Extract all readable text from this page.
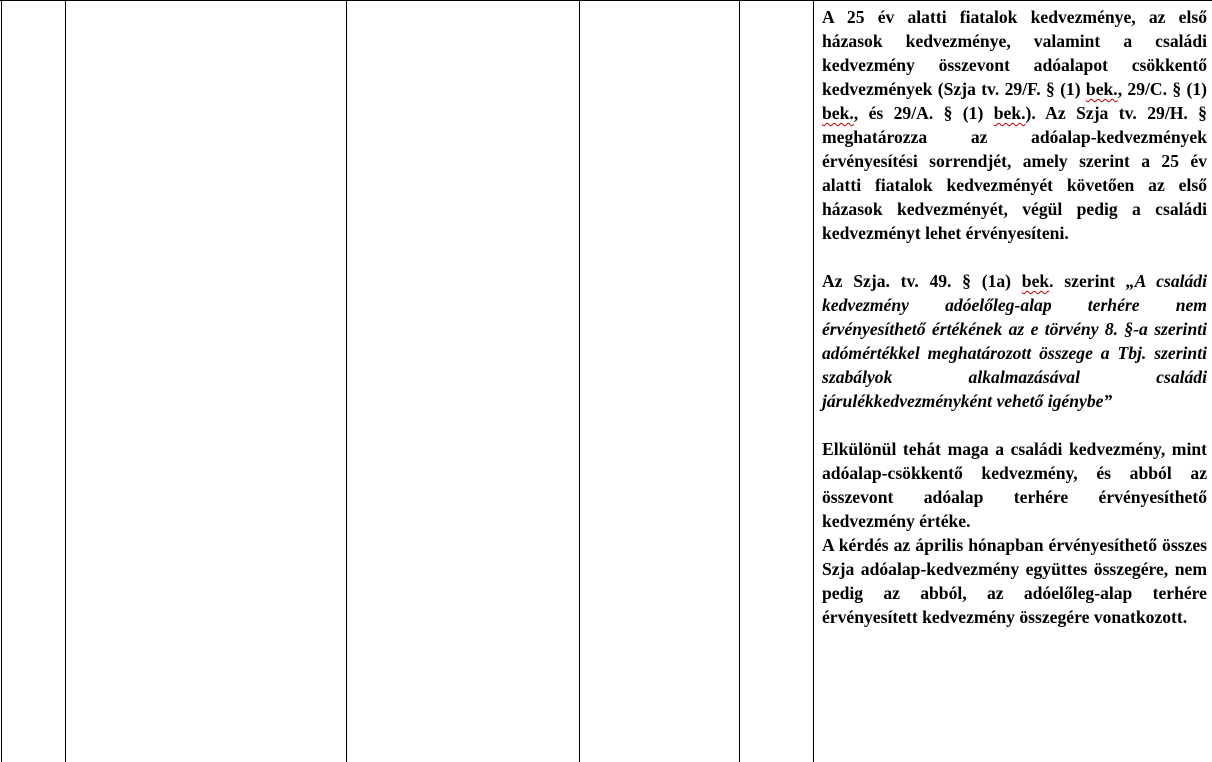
A 25 év alatti fiatalok kedvezménye, az első házasok kedvezménye, valamint a családi kedvezmény összevont adóalapot csökkentő kedvezmények (Szja tv. 29/F. § (1) bek., 29/C. § (1) bek., és 29/A. § (1) bek.). Az Szja tv. 29/H. § meghatározza az adóalap-kedvezmények érvényesítési sorrendjét, amely szerint a 25 év alatti fiatalok kedvezményét követően az első házasok kedvezményét, végül pedig a családi kedvezményt lehet érvényesíteni.

Az Szja. tv. 49. § (1a) bek. szerint „A családi kedvezmény adóelőleg-alap terhére nem érvényesíthető értékének az e törvény 8. §-a szerinti adómértékkel meghatározott összege a Tbj. szerinti szabályok alkalmazásával családi járulékkedvezményként vehető igénybe”

Elkülönül tehát maga a családi kedvezmény, mint adóalap-csökkentő kedvezmény, és abból az összevont adóalap terhére érvényesíthető kedvezmény értéke.

A kérdés az április hónapban érvényesíthető összes Szja adóalap-kedvezmény együttes összegére, nem pedig az abból, az adóelőleg-alap terhére érvényesített kedvezmény összegére vonatkozott.
